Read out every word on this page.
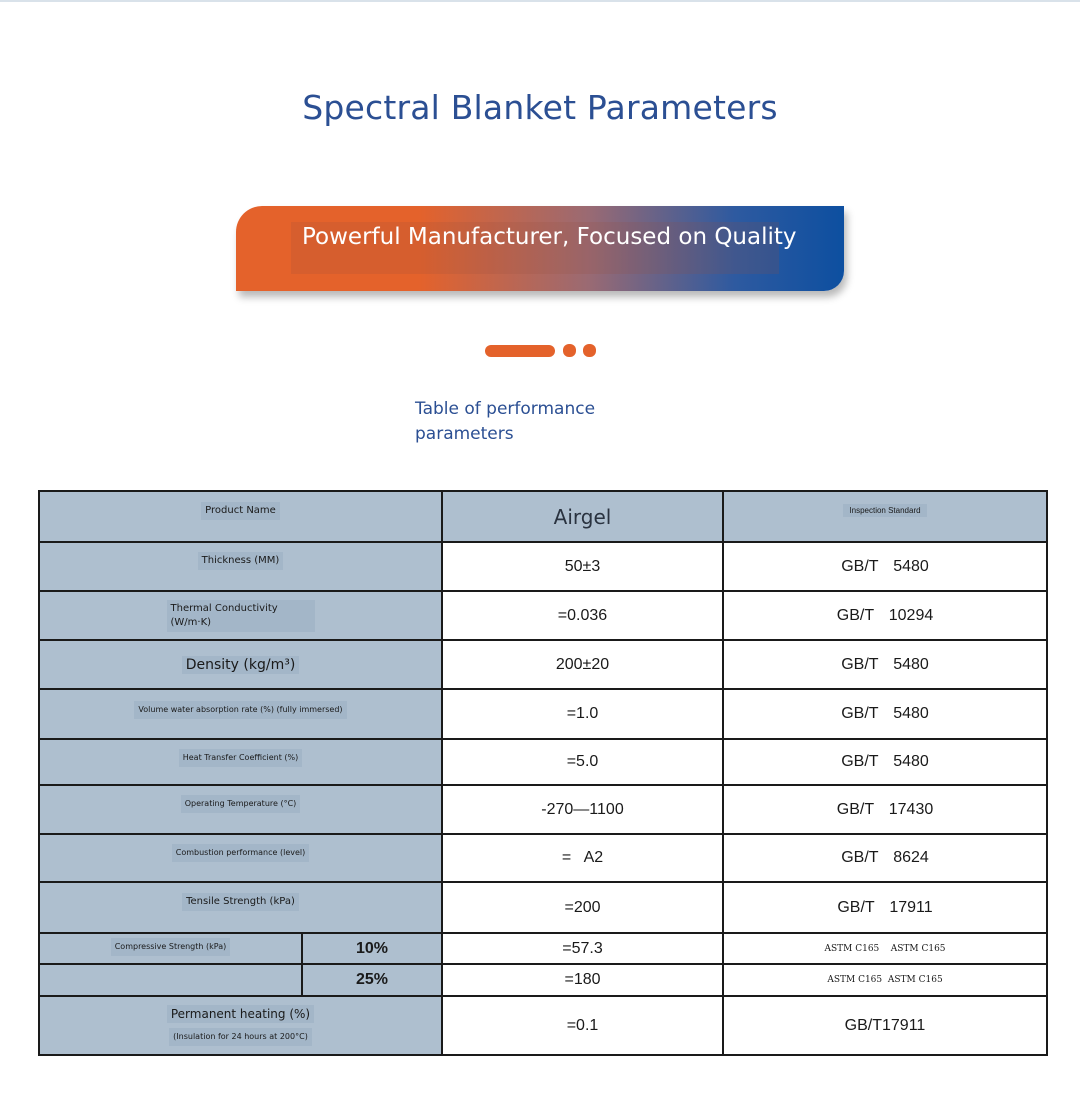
Spectral Blanket Parameters
Powerful Manufacturer, Focused on Quality
Table of performance parameters
Product Name		Airgel	Inspection Standard
Thickness (MM)		50±3	GB/T 5480
Thermal Conductivity (W/m·K)		=0.036	GB/T 10294
Density (kg/m³)		200±20	GB/T 5480
Volume water absorption rate (%) (fully immersed)		=1.0	GB/T 5480
Heat Transfer Coefficient (%)		=5.0	GB/T 5480
Operating Temperature (°C)		-270—1100	GB/T 17430
Combustion performance (level)		=   A2	GB/T 8624
Tensile Strength (kPa)		=200	GB/T 17911
Compressive Strength (kPa)	10%	=57.3	ASTM C165    ASTM C165
	25%	=180	ASTM C165  ASTM C165

Permanent heating (%)
(Insulation for 24 hours at 200°C)		=0.1	GB/T17911
